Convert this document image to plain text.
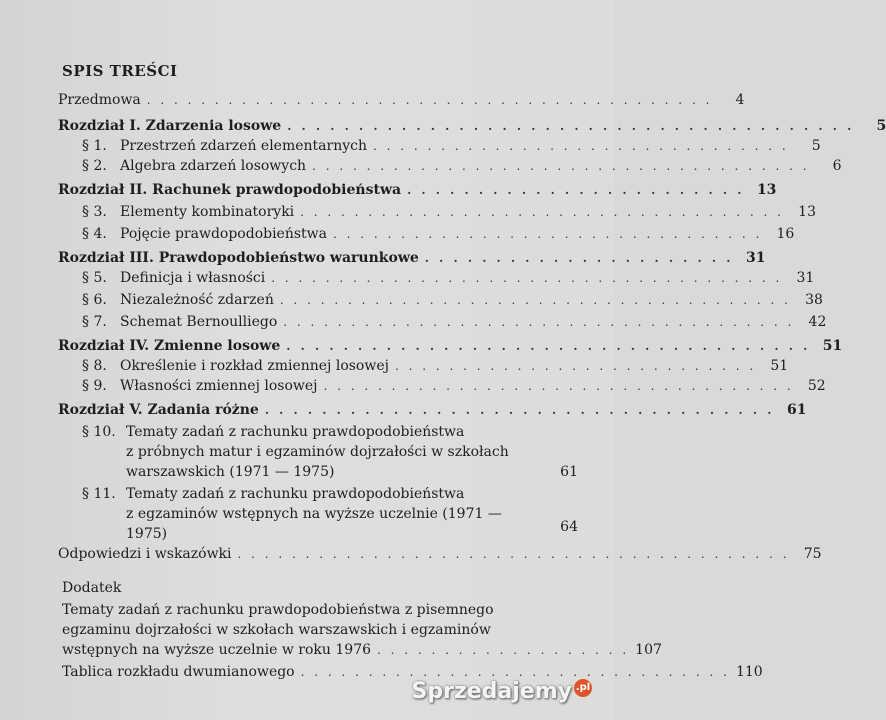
SPIS TREŚCI
Przedmowa . . . . . . . . . . . . . . . . . . . . . . . . . . . . . . . . . . . . . . . . . .	4
Rozdział I. Zdarzenia losowe . . . . . . . . . . . . . . . . . . . . . . . . . . . . . . . . . . . . . . . .	5
§ 1. Przestrzeń zdarzeń elementarnych . . . . . . . . . . . . . . . . . . . . . . . . . . . . . . .	5
§ 2. Algebra zdarzeń losowych . . . . . . . . . . . . . . . . . . . . . . . . . . . . . . . . . . . . .	6
Rozdział II. Rachunek prawdopodobieństwa . . . . . . . . . . . . . . . . . . . . . . . . 13
§ 3. Elementy kombinatoryki . . . . . . . . . . . . . . . . . . . . . . . . . . . . . . . . . . . .	13
§ 4. Pojęcie prawdopodobieństwa . . . . . . . . . . . . . . . . . . . . . . . . . . . . . . . .	16
Rozdział III. Prawdopodobieństwo warunkowe . . . . . . . . . . . . . . . . . . . . . . 31
§ 5. Definicja i własności . . . . . . . . . . . . . . . . . . . . . . . . . . . . . . . . . . . . . .	31
§ 6. Niezależność zdarzeń . . . . . . . . . . . . . . . . . . . . . . . . . . . . . . . . . . . . . .	38
§ 7. Schemat Bernoulliego . . . . . . . . . . . . . . . . . . . . . . . . . . . . . . . . . . . . . .	42
Rozdział IV. Zmienne losowe . . . . . . . . . . . . . . . . . . . . . . . . . . . . . . . . . . . . . 51
§ 8. Określenie i rozkład zmiennej losowej . . . . . . . . . . . . . . . . . . . . . . . . . . .	51
§ 9. Własności zmiennej losowej . . . . . . . . . . . . . . . . . . . . . . . . . . . . . . . . . . .	52
Rozdział V. Zadania różne . . . . . . . . . . . . . . . . . . . . . . . . . . . . . . . . . . . . 61
§ 10. Tematy zadań z rachunku prawdopodobieństwa
z próbnych matur i egzaminów dojrzałości w szkołach
warszawskich (1971 — 1975)	61
§ 11. Tematy zadań z rachunku prawdopodobieństwa
z egzaminów wstępnych na wyższe uczelnie (1971 —
1975)	64
Odpowiedzi i wskazówki . . . . . . . . . . . . . . . . . . . . . . . . . . . . . . . . . . . . . . . . .	75
Dodatek
Tematy zadań z rachunku prawdopodobieństwa z pisemnego
egzaminu dojrzałości w szkołach warszawskich i egzaminów
wstępnych na wyższe uczelnie w roku 1976 . . . . . . . . . . . . . . . . . . . 107
Tablica rozkładu dwumianowego . . . . . . . . . . . . . . . . . . . . . . . . . . . . . . . . 110
Sprzedajemy .pl
